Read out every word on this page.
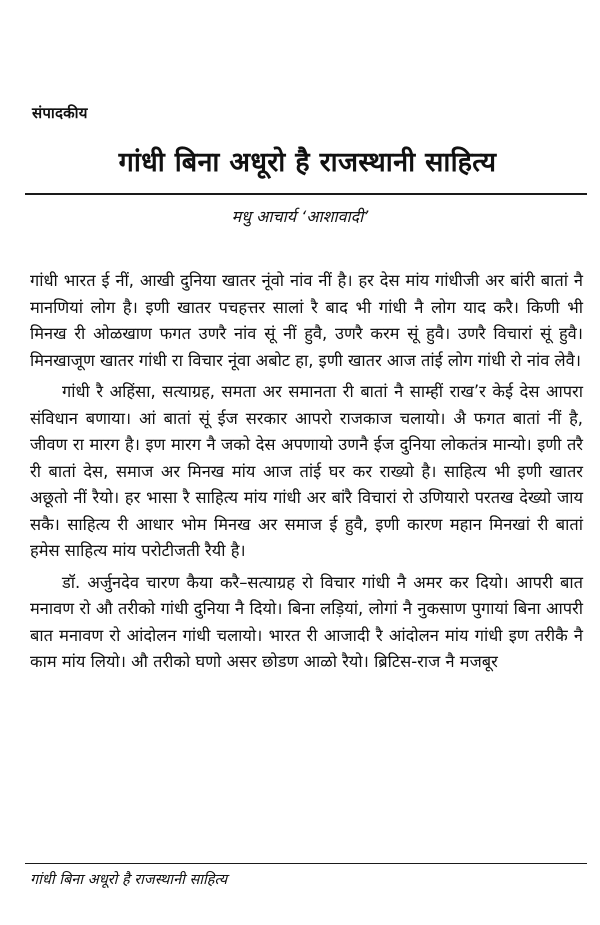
संपादकीय
गांधी बिना अधूरो है राजस्थानी साहित्य
मधु आचार्य ‘आशावादी’

गांधी भारत ई नीं, आखी दुनिया खातर नूंवो नांव नीं है। हर देस मांय गांधीजी अर बांरी बातां नै मानणियां लोग है। इणी खातर पचहत्तर सालां रै बाद भी गांधी नै लोग याद करै। किणी भी मिनख री ओळखाण फगत उणरै नांव सूं नीं हुवै, उणरै करम सूं हुवै। उणरै विचारां सूं हुवै। मिनखाजूण खातर गांधी रा विचार नूंवा अबोट हा, इणी खातर आज तांई लोग गांधी रो नांव लेवै।

गांधी रै अहिंसा, सत्याग्रह, समता अर समानता री बातां नै साम्हीं राख’र केई देस आपरा संविधान बणाया। आं बातां सूं ईज सरकार आपरो राजकाज चलायो। अै फगत बातां नीं है, जीवण रा मारग है। इण मारग नै जको देस अपणायो उणनै ईज दुनिया लोकतंत्र मान्यो। इणी तरै री बातां देस, समाज अर मिनख मांय आज तांई घर कर राख्यो है। साहित्य भी इणी खातर अछूतो नीं रैयो। हर भासा रै साहित्य मांय गांधी अर बांरै विचारां रो उणियारो परतख देख्यो जाय सकै। साहित्य री आधार भोम मिनख अर समाज ई हुवै, इणी कारण महान मिनखां री बातां हमेस साहित्य मांय परोटीजती रैयी है।

डॉ. अर्जुनदेव चारण कैया करै–सत्याग्रह रो विचार गांधी नै अमर कर दियो। आपरी बात मनावण रो औ तरीको गांधी दुनिया नै दियो। बिना लड़ियां, लोगां नै नुकसाण पुगायां बिना आपरी बात मनावण रो आंदोलन गांधी चलायो। भारत री आजादी रै आंदोलन मांय गांधी इण तरीकै नै काम मांय लियो। औ तरीको घणो असर छोडण आळो रैयो। ब्रिटिस-राज नै मजबूर

गांधी बिना अधूरो है राजस्थानी साहित्य
